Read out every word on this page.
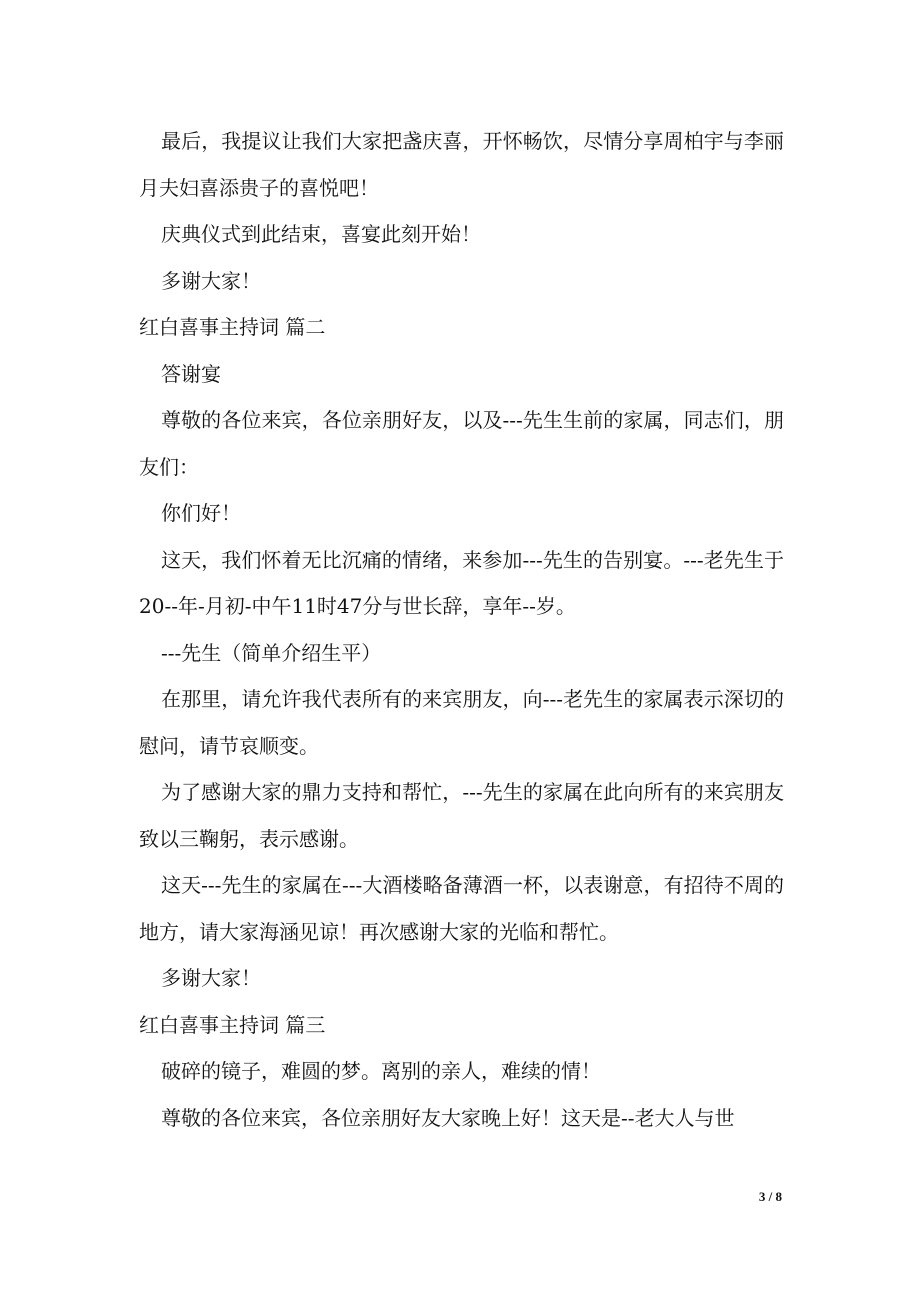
最后，我提议让我们大家把盏庆喜，开怀畅饮，尽情分享周柏宇与李丽月夫妇喜添贵子的喜悦吧！

庆典仪式到此结束，喜宴此刻开始！

多谢大家！

红白喜事主持词 篇二

答谢宴

尊敬的各位来宾，各位亲朋好友，以及---先生生前的家属，同志们，朋友们：

你们好！

这天，我们怀着无比沉痛的情绪，来参加---先生的告别宴。---老先生于20--年-月初-中午11时47分与世长辞，享年--岁。

---先生（简单介绍生平）

在那里，请允许我代表所有的来宾朋友，向---老先生的家属表示深切的慰问，请节哀顺变。

为了感谢大家的鼎力支持和帮忙，---先生的家属在此向所有的来宾朋友致以三鞠躬，表示感谢。

这天---先生的家属在---大酒楼略备薄酒一杯，以表谢意，有招待不周的地方，请大家海涵见谅！再次感谢大家的光临和帮忙。

多谢大家！

红白喜事主持词 篇三

破碎的镜子，难圆的梦。离别的亲人，难续的情！

尊敬的各位来宾，各位亲朋好友大家晚上好！这天是--老大人与世

3 / 8
